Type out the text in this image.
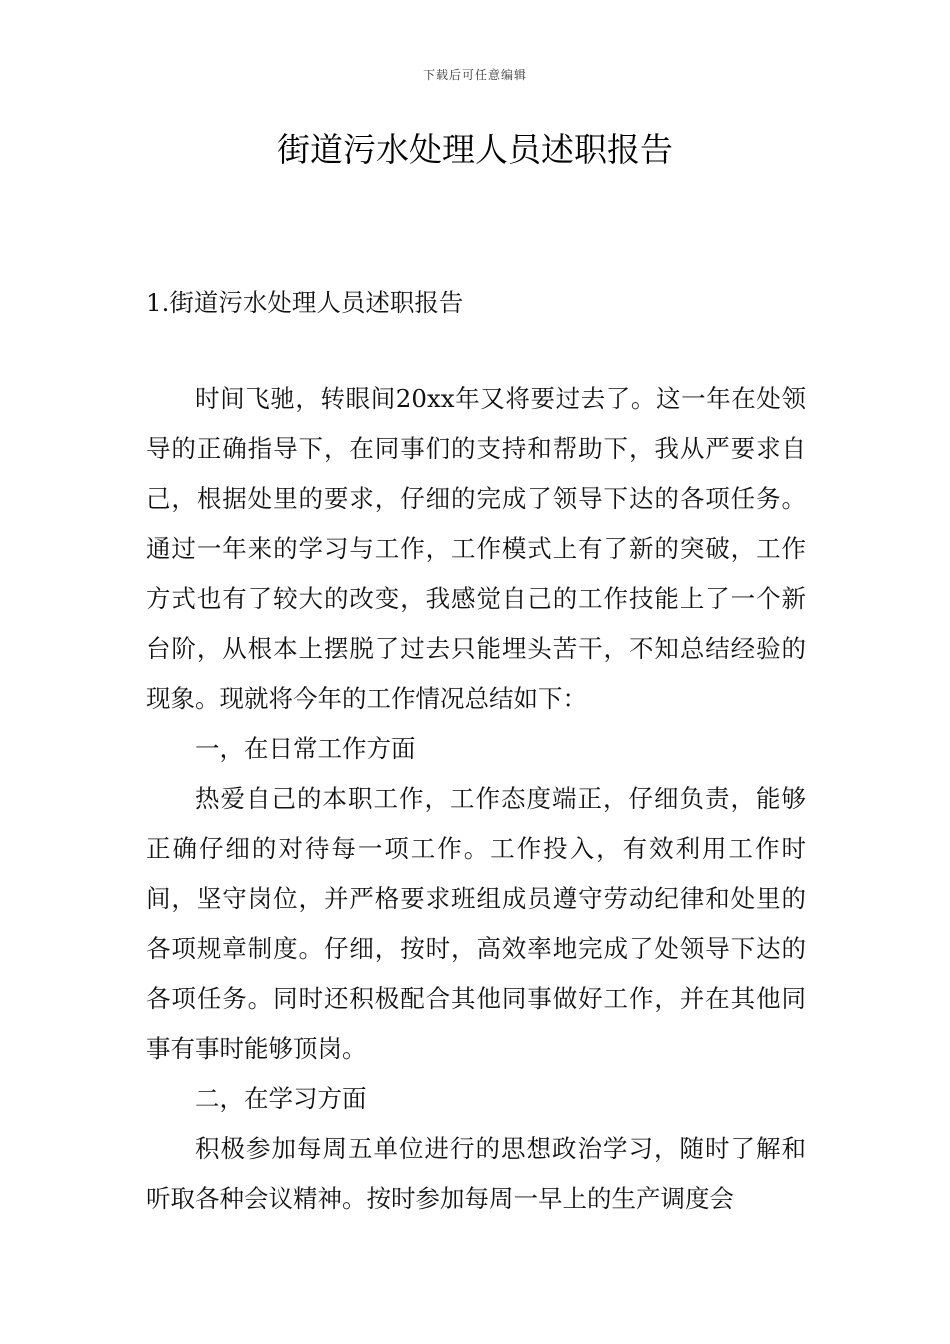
下载后可任意编辑
街道污水处理人员述职报告

1.街道污水处理人员述职报告

时间飞驰，转眼间20xx年又将要过去了。这一年在处领导的正确指导下，在同事们的支持和帮助下，我从严要求自己，根据处里的要求，仔细的完成了领导下达的各项任务。通过一年来的学习与工作，工作模式上有了新的突破，工作方式也有了较大的改变，我感觉自己的工作技能上了一个新台阶，从根本上摆脱了过去只能埋头苦干，不知总结经验的现象。现就将今年的工作情况总结如下：

一，在日常工作方面

热爱自己的本职工作，工作态度端正，仔细负责，能够正确仔细的对待每一项工作。工作投入，有效利用工作时间，坚守岗位，并严格要求班组成员遵守劳动纪律和处里的各项规章制度。仔细，按时，高效率地完成了处领导下达的各项任务。同时还积极配合其他同事做好工作，并在其他同事有事时能够顶岗。

二，在学习方面

积极参加每周五单位进行的思想政治学习，随时了解和听取各种会议精神。按时参加每周一早上的生产调度会
